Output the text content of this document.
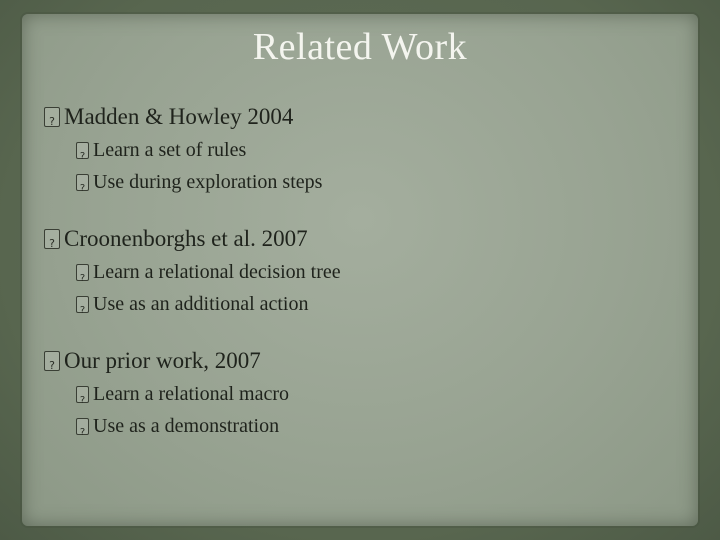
Related Work
?
Madden & Howley 2004
?
Learn a set of rules
?
Use during exploration steps
?
Croonenborghs et al. 2007
?
Learn a relational decision tree
?
Use as an additional action
?
Our prior work, 2007
?
Learn a relational macro
?
Use as a demonstration
